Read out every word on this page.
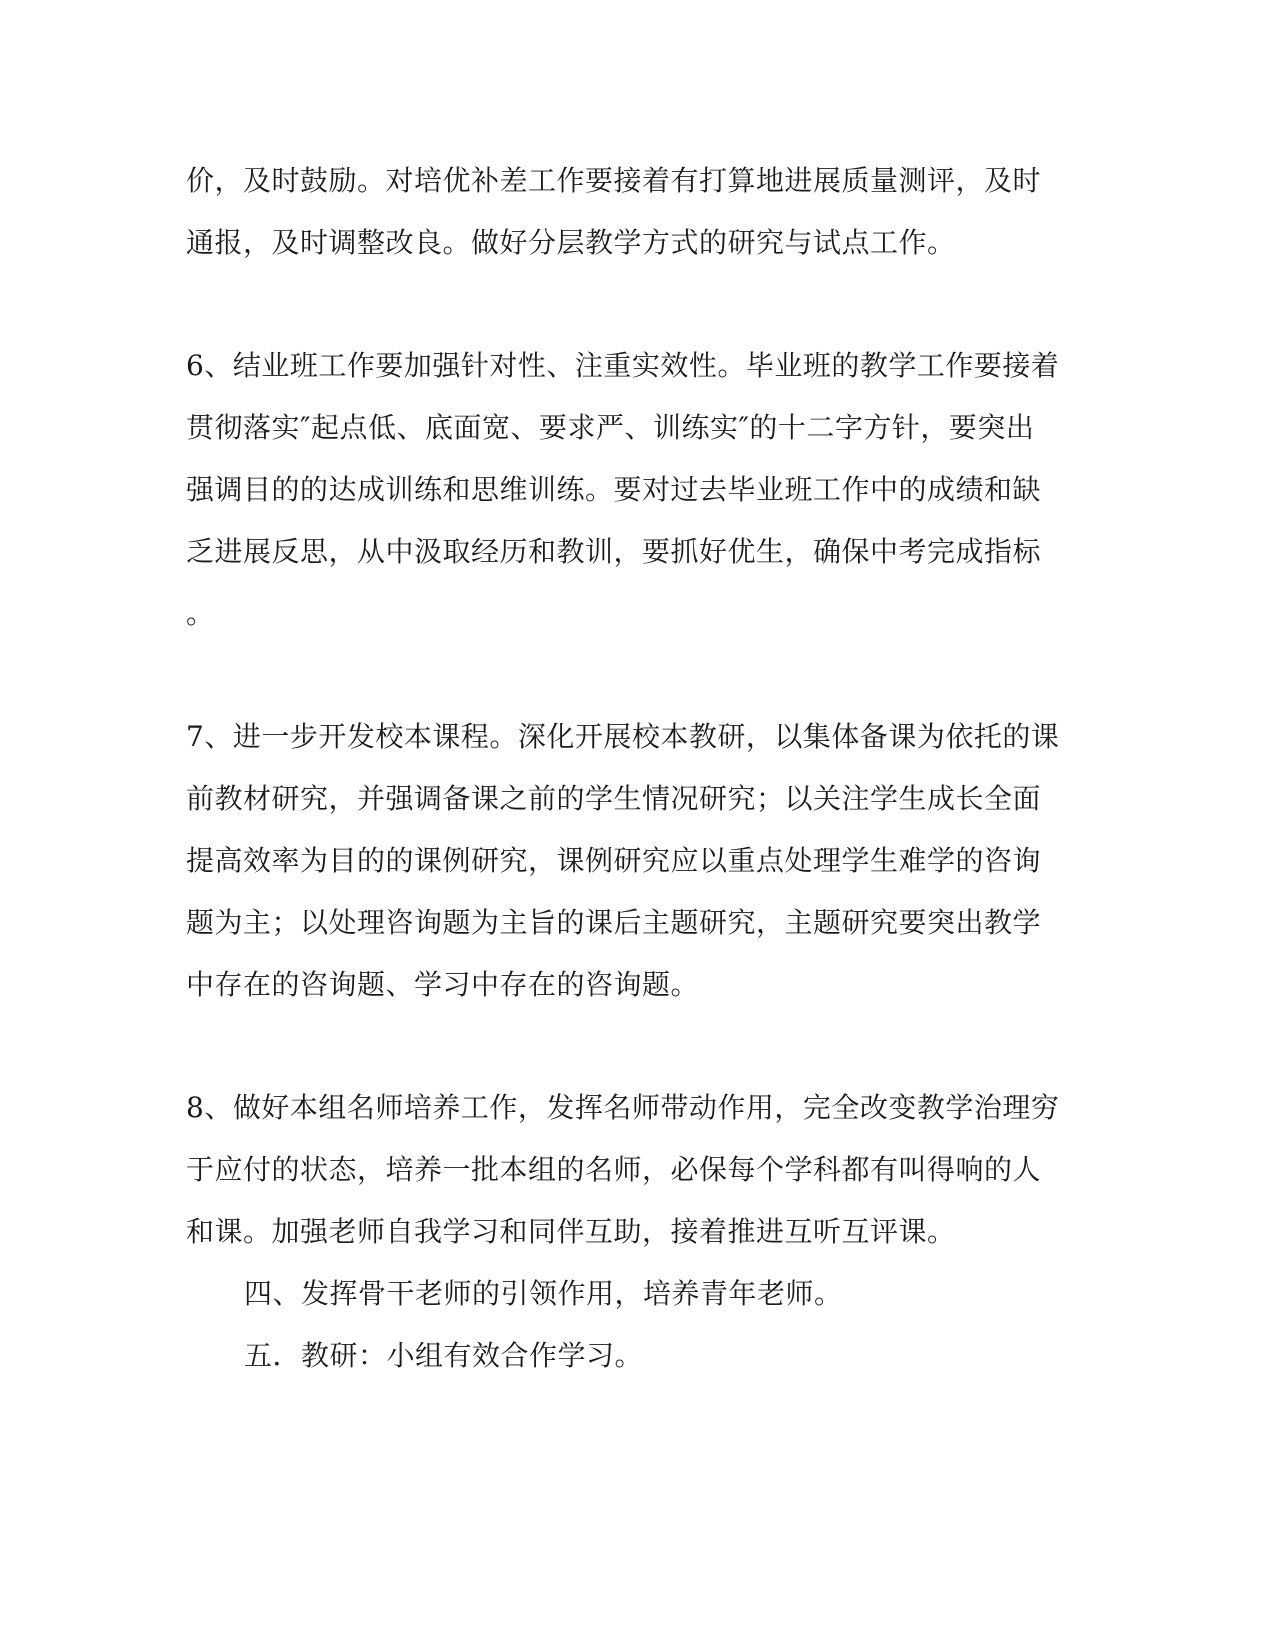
价，及时鼓励。对培优补差工作要接着有打算地进展质量测评，及时
通报，及时调整改良。做好分层教学方式的研究与试点工作。
6、结业班工作要加强针对性、注重实效性。毕业班的教学工作要接着
贯彻落实″起点低、底面宽、要求严、训练实″的十二字方针，要突出
强调目的的达成训练和思维训练。要对过去毕业班工作中的成绩和缺
乏进展反思，从中汲取经历和教训，要抓好优生，确保中考完成指标
。
7、进一步开发校本课程。深化开展校本教研，以集体备课为依托的课
前教材研究，并强调备课之前的学生情况研究；以关注学生成长全面
提高效率为目的的课例研究，课例研究应以重点处理学生难学的咨询
题为主；以处理咨询题为主旨的课后主题研究，主题研究要突出教学
中存在的咨询题、学习中存在的咨询题。
8、做好本组名师培养工作，发挥名师带动作用，完全改变教学治理穷
于应付的状态，培养一批本组的名师，必保每个学科都有叫得响的人
和课。加强老师自我学习和同伴互助，接着推进互听互评课。
四、发挥骨干老师的引领作用，培养青年老师。
五．教研：小组有效合作学习。
